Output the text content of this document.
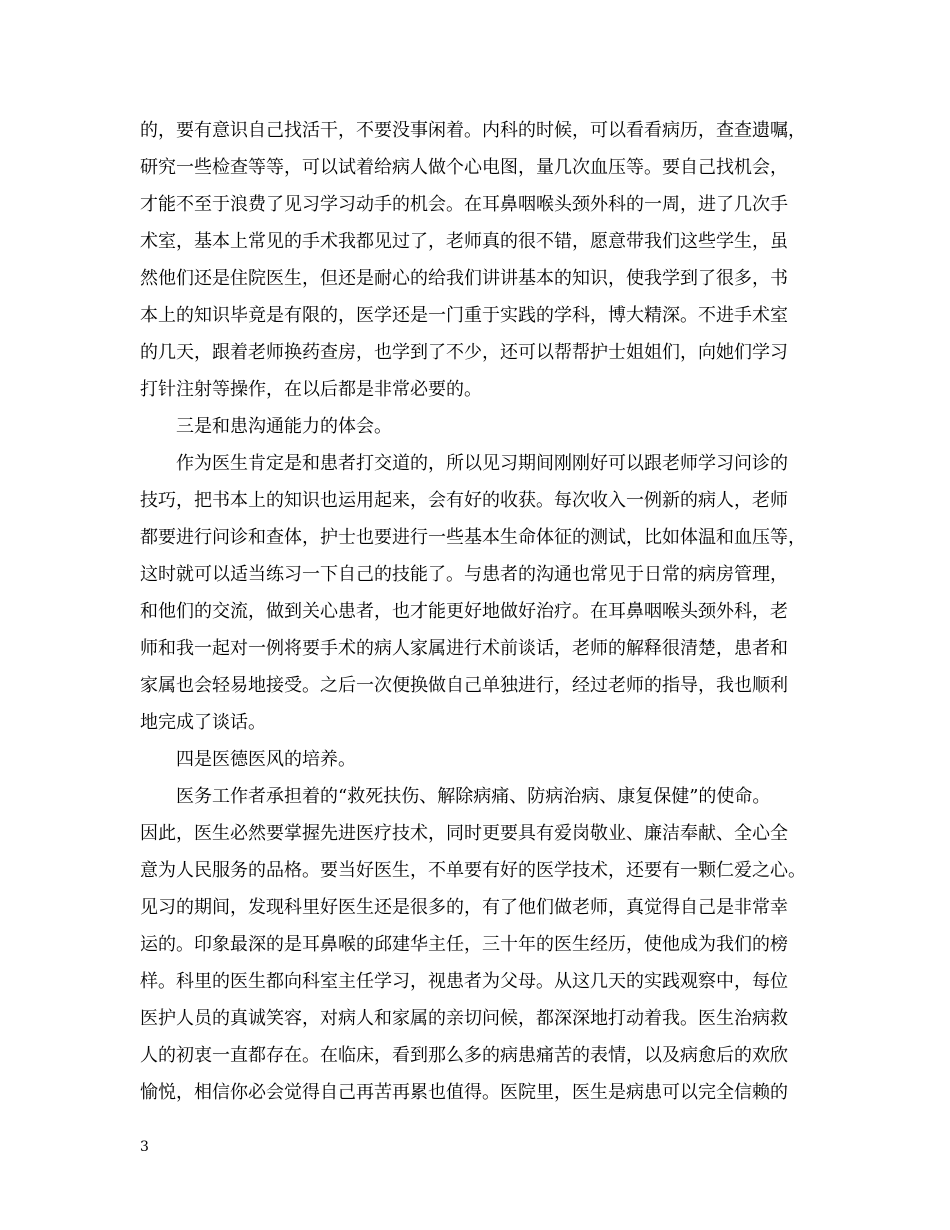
的，要有意识自己找活干，不要没事闲着。内科的时候，可以看看病历，查查遗嘱，
研究一些检查等等，可以试着给病人做个心电图，量几次血压等。要自己找机会，
才能不至于浪费了见习学习动手的机会。在耳鼻咽喉头颈外科的一周，进了几次手
术室，基本上常见的手术我都见过了，老师真的很不错，愿意带我们这些学生，虽
然他们还是住院医生，但还是耐心的给我们讲讲基本的知识，使我学到了很多，书
本上的知识毕竟是有限的，医学还是一门重于实践的学科，博大精深。不进手术室
的几天，跟着老师换药查房，也学到了不少，还可以帮帮护士姐姐们，向她们学习
打针注射等操作，在以后都是非常必要的。
三是和患沟通能力的体会。
作为医生肯定是和患者打交道的，所以见习期间刚刚好可以跟老师学习问诊的
技巧，把书本上的知识也运用起来，会有好的收获。每次收入一例新的病人，老师
都要进行问诊和查体，护士也要进行一些基本生命体征的测试，比如体温和血压等，
这时就可以适当练习一下自己的技能了。与患者的沟通也常见于日常的病房管理，
和他们的交流，做到关心患者，也才能更好地做好治疗。在耳鼻咽喉头颈外科，老
师和我一起对一例将要手术的病人家属进行术前谈话，老师的解释很清楚，患者和
家属也会轻易地接受。之后一次便换做自己单独进行，经过老师的指导，我也顺利
地完成了谈话。
四是医德医风的培养。
医务工作者承担着的“救死扶伤、解除病痛、防病治病、康复保健”的使命。
因此，医生必然要掌握先进医疗技术，同时更要具有爱岗敬业、廉洁奉献、全心全
意为人民服务的品格。要当好医生，不单要有好的医学技术，还要有一颗仁爱之心。
见习的期间，发现科里好医生还是很多的，有了他们做老师，真觉得自己是非常幸
运的。印象最深的是耳鼻喉的邱建华主任，三十年的医生经历，使他成为我们的榜
样。科里的医生都向科室主任学习，视患者为父母。从这几天的实践观察中，每位
医护人员的真诚笑容，对病人和家属的亲切问候，都深深地打动着我。医生治病救
人的初衷一直都存在。在临床，看到那么多的病患痛苦的表情，以及病愈后的欢欣
愉悦，相信你必会觉得自己再苦再累也值得。医院里，医生是病患可以完全信赖的
3
